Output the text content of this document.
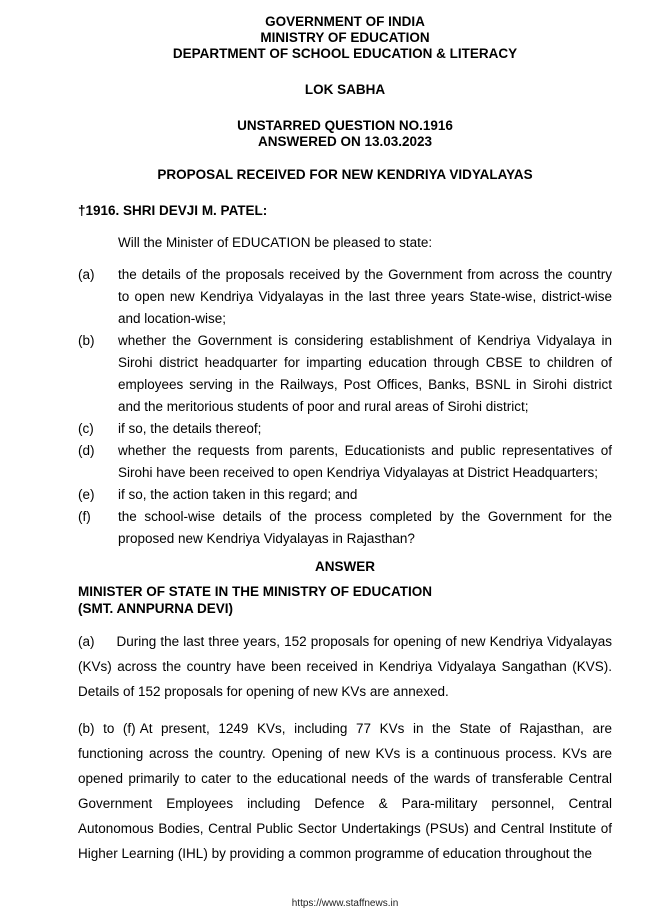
GOVERNMENT OF INDIA
MINISTRY OF EDUCATION
DEPARTMENT OF SCHOOL EDUCATION & LITERACY
LOK SABHA
UNSTARRED QUESTION NO.1916
ANSWERED ON 13.03.2023
PROPOSAL RECEIVED FOR NEW KENDRIYA VIDYALAYAS
†1916. SHRI DEVJI M. PATEL:
Will the Minister of EDUCATION be pleased to state:
(a)	the details of the proposals received by the Government from across the country to open new Kendriya Vidyalayas in the last three years State-wise, district-wise and location-wise;
(b)	whether the Government is considering establishment of Kendriya Vidyalaya in Sirohi district headquarter for imparting education through CBSE to children of employees serving in the Railways, Post Offices, Banks, BSNL in Sirohi district and the meritorious students of poor and rural areas of Sirohi district;
(c)	if so, the details thereof;
(d)	whether the requests from parents, Educationists and public representatives of Sirohi have been received to open Kendriya Vidyalayas at District Headquarters;
(e)	if so, the action taken in this regard; and
(f)	the school-wise details of the process completed by the Government for the proposed new Kendriya Vidyalayas in Rajasthan?
ANSWER
MINISTER OF STATE IN THE MINISTRY OF EDUCATION
(SMT. ANNPURNA DEVI)

(a) During the last three years, 152 proposals for opening of new Kendriya Vidyalayas (KVs) across the country have been received in Kendriya Vidyalaya Sangathan (KVS). Details of 152 proposals for opening of new KVs are annexed.

(b) to (f) At present, 1249 KVs, including 77 KVs in the State of Rajasthan, are functioning across the country. Opening of new KVs is a continuous process. KVs are opened primarily to cater to the educational needs of the wards of transferable Central Government Employees including Defence & Para-military personnel, Central Autonomous Bodies, Central Public Sector Undertakings (PSUs) and Central Institute of Higher Learning (IHL) by providing a common programme of education throughout the

https://www.staffnews.in
